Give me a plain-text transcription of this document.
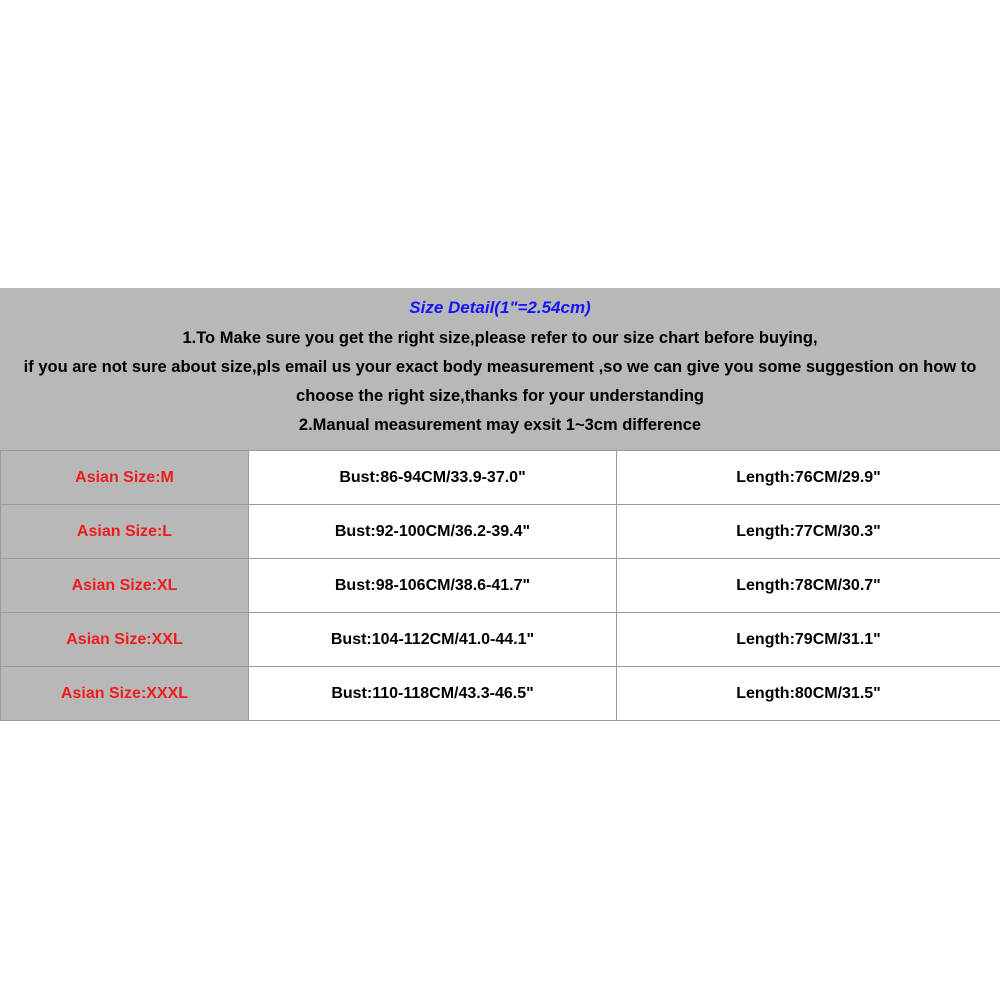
Size Detail(1"=2.54cm)
1.To Make sure you get the right size,please refer to our size chart before buying,
if you are not sure about size,pls email us your exact body measurement ,so we can give you some suggestion on how to choose the right size,thanks for your understanding
2.Manual measurement may exsit 1~3cm difference
Asian Size:M	Bust:86-94CM/33.9-37.0"	Length:76CM/29.9"
Asian Size:L	Bust:92-100CM/36.2-39.4"	Length:77CM/30.3"
Asian Size:XL	Bust:98-106CM/38.6-41.7"	Length:78CM/30.7"
Asian Size:XXL	Bust:104-112CM/41.0-44.1"	Length:79CM/31.1"
Asian Size:XXXL	Bust:110-118CM/43.3-46.5"	Length:80CM/31.5"
